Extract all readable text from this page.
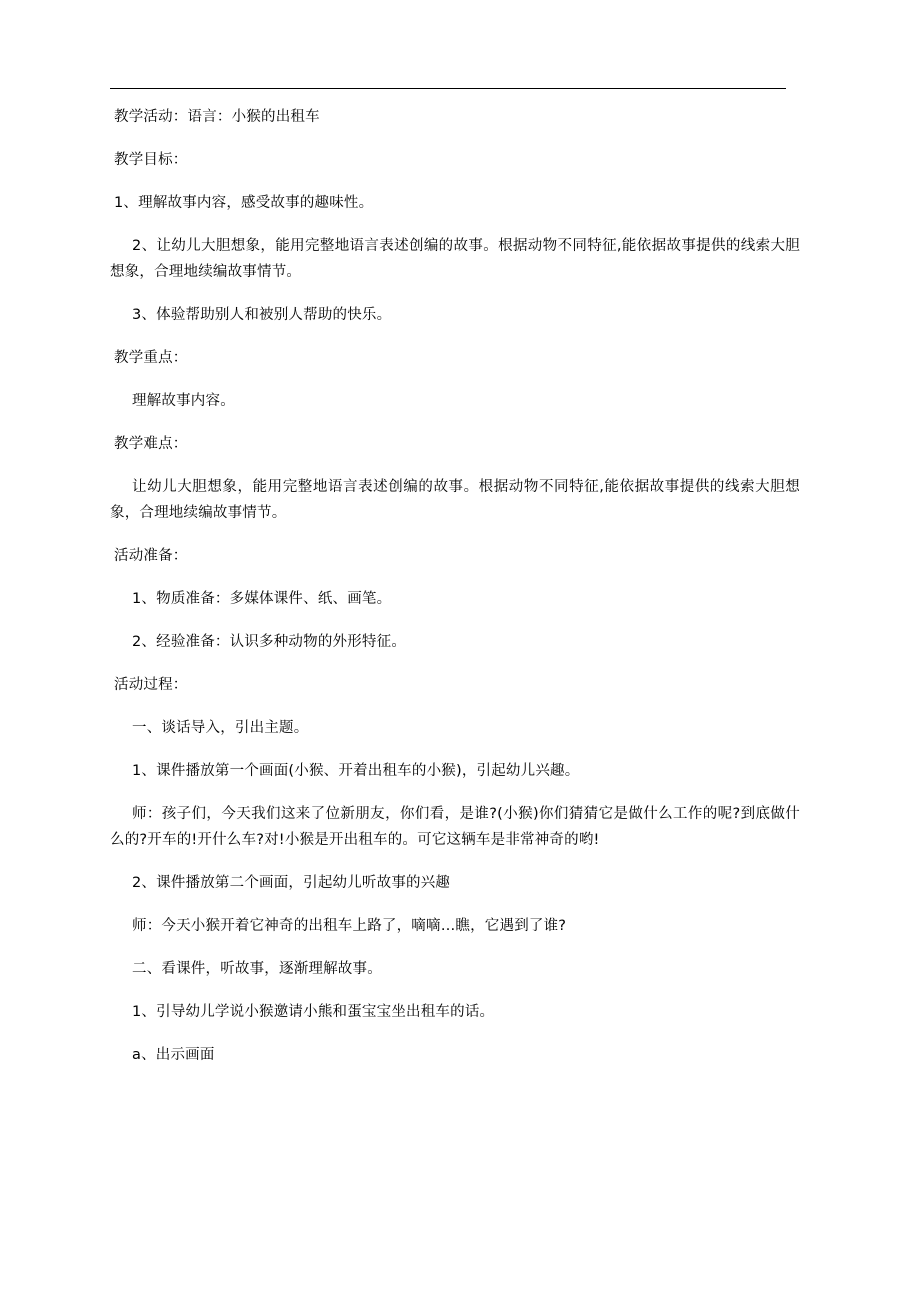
教学活动：语言：小猴的出租车

教学目标：

1、理解故事内容，感受故事的趣味性。

2、让幼儿大胆想象，能用完整地语言表述创编的故事。根据动物不同特征,能依据故事提供的线索大胆想象，合理地续编故事情节。

3、体验帮助别人和被别人帮助的快乐。

教学重点：

理解故事内容。

教学难点：

让幼儿大胆想象，能用完整地语言表述创编的故事。根据动物不同特征,能依据故事提供的线索大胆想象，合理地续编故事情节。

活动准备：

1、物质准备：多媒体课件、纸、画笔。

2、经验准备：认识多种动物的外形特征。

活动过程：

一、谈话导入，引出主题。

1、课件播放第一个画面(小猴、开着出租车的小猴)，引起幼儿兴趣。

师：孩子们，今天我们这来了位新朋友，你们看，是谁?(小猴)你们猜猜它是做什么工作的呢?到底做什么的?开车的!开什么车?对!小猴是开出租车的。可它这辆车是非常神奇的哟!

2、课件播放第二个画面，引起幼儿听故事的兴趣

师：今天小猴开着它神奇的出租车上路了，嘀嘀…瞧，它遇到了谁?

二、看课件，听故事，逐渐理解故事。

1、引导幼儿学说小猴邀请小熊和蛋宝宝坐出租车的话。

a、出示画面
